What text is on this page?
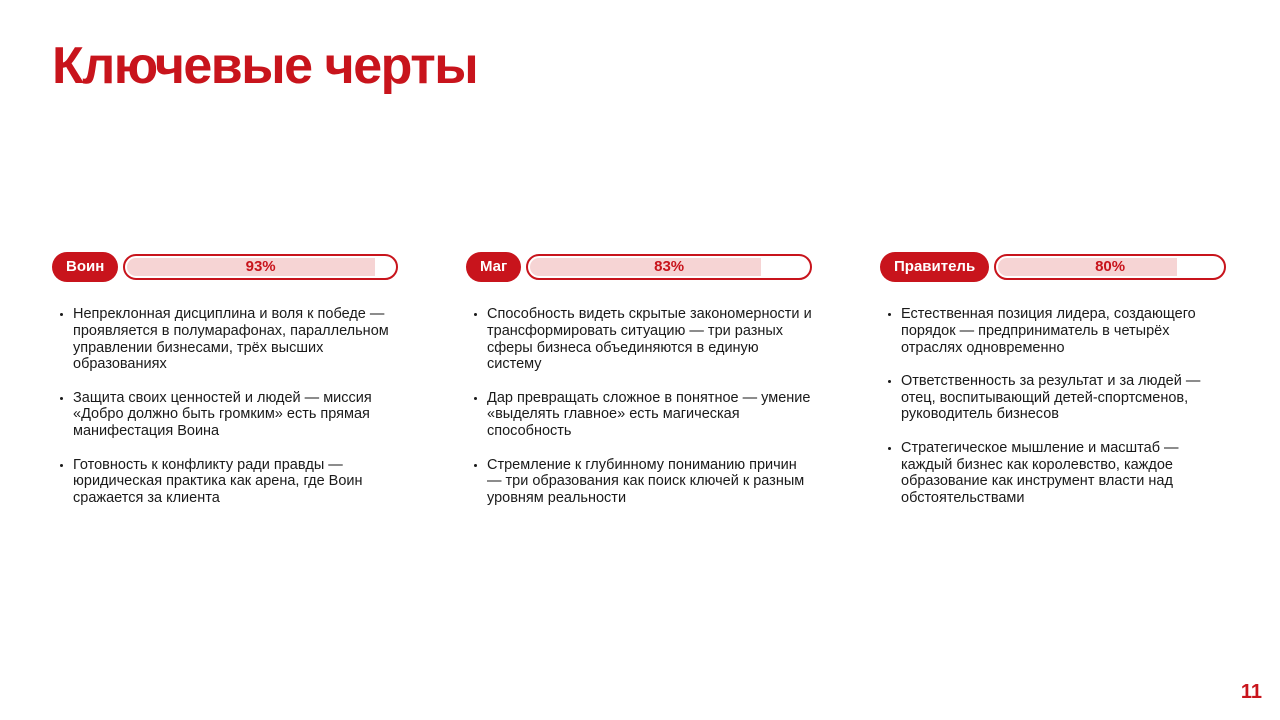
Ключевые черты
Воин	93%
Непреклонная дисциплина и воля к победе — проявляется в полумарафонах, параллельном управлении бизнесами, трёх высших образованиях
Защита своих ценностей и людей — миссия «Добро должно быть громким» есть прямая манифестация Воина
Готовность к конфликту ради правды — юридическая практика как арена, где Воин сражается за клиента
Маг	83%
Способность видеть скрытые закономерности и трансформировать ситуацию — три разных сферы бизнеса объединяются в единую систему
Дар превращать сложное в понятное — умение «выделять главное» есть магическая способность
Стремление к глубинному пониманию причин — три образования как поиск ключей к разным уровням реальности
Правитель	80%
Естественная позиция лидера, создающего порядок — предприниматель в четырёх отраслях одновременно
Ответственность за результат и за людей — отец, воспитывающий детей-спортсменов, руководитель бизнесов
Стратегическое мышление и масштаб — каждый бизнес как королевство, каждое образование как инструмент власти над обстоятельствами
11
